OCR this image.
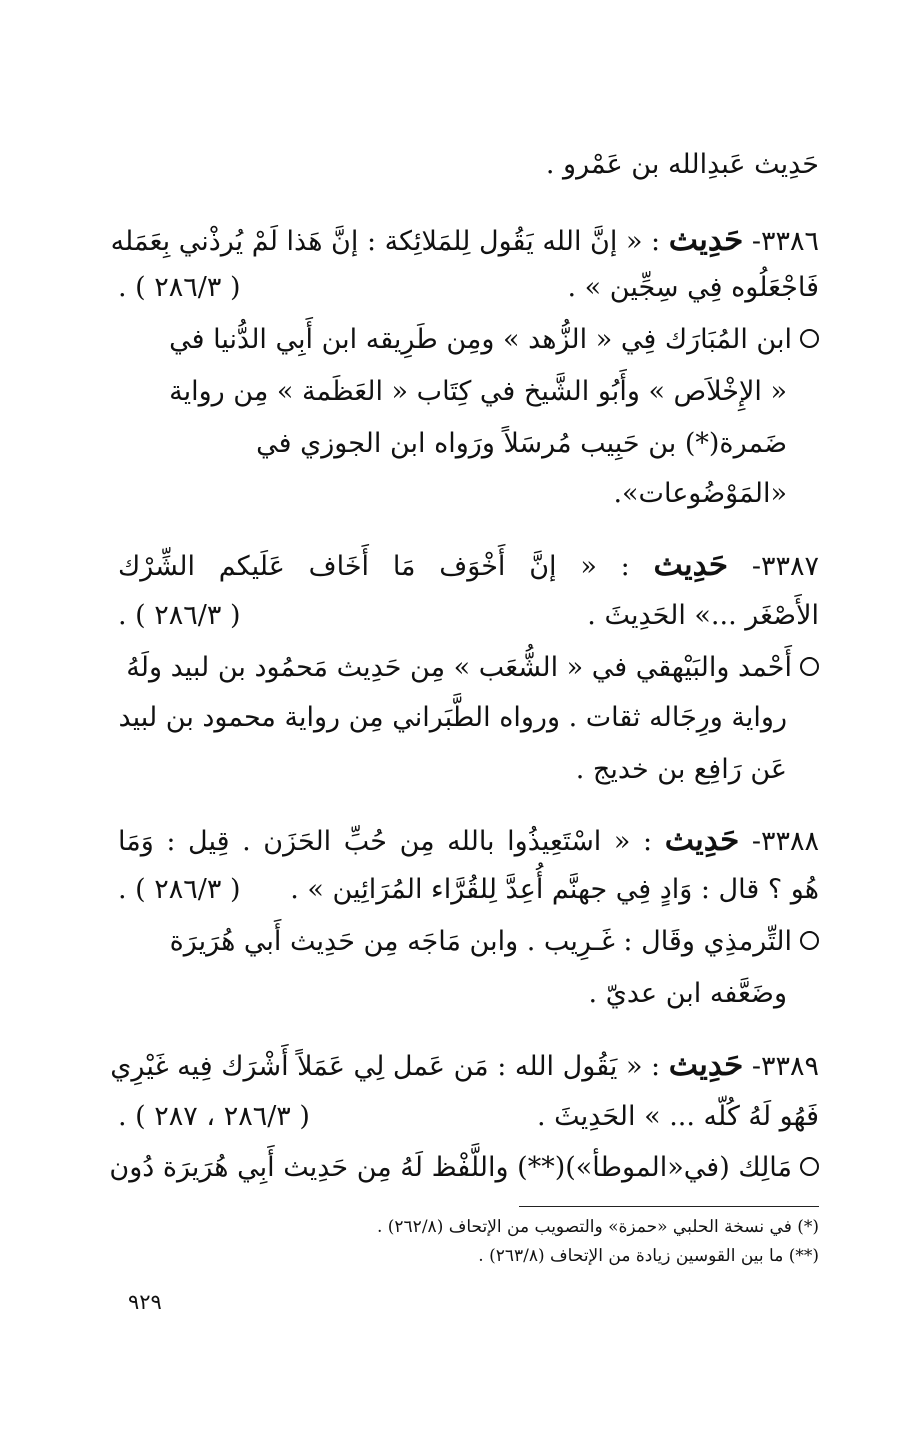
حَدِيث عَبدِالله بن عَمْرو .
٣٣٨٦- حَدِيث : « إنَّ الله يَقُول لِلمَلائِكة : إنَّ هَذا لَمْ يُرذْني بِعَمَله
فَاجْعَلُوه فِي سِجِّين » .
( ٢٨٦/٣ ) .
ابن المُبَارَك فِي « الزُّهد » ومِن طَرِيقه ابن أَبِي الدُّنيا في
« الإِخْلاَص » وأَبُو الشَّيخ في كِتَاب « العَظَمة » مِن رواية
ضَمرة(*) بن حَبِيب مُرسَلاً ورَواه ابن الجوزي في
«المَوْضُوعات».
٣٣٨٧- حَدِيث : « إنَّ أَخْوَف مَا أَخَاف عَلَيكم الشِّرْك
الأَصْغَر ...» الحَدِيثَ .
( ٢٨٦/٣ ) .
أَحْمد والبَيْهقي في « الشُّعَب » مِن حَدِيث مَحمُود بن لبيد ولَهُ
رواية ورِجَاله ثقات . ورواه الطَّبَراني مِن رواية محمود بن لبيد
عَن رَافِع بن خديج .
٣٣٨٨- حَدِيث : « اسْتَعِيذُوا بالله مِن حُبِّ الحَزَن . قِيل : وَمَا
هُو ؟ قال : وَادٍ فِي جهنَّم أُعِدَّ لِلقُرَّاء المُرَائِين » .
( ٢٨٦/٣ ) .
التِّرمذِي وقَال : غَـرِيب . وابن مَاجَه مِن حَدِيث أَبي هُرَيرَة
وضَعَّفه ابن عديّ .
٣٣٨٩- حَدِيث : « يَقُول الله : مَن عَمل لِي عَمَلاً أَشْرَك فِيه غَيْرِي
فَهُو لَهُ كُلّه ... » الحَدِيثَ .
( ٢٨٦/٣ ، ٢٨٧ ) .
مَالِك (في«الموطأ»)(**) واللَّفْظ لَهُ مِن حَدِيث أَبِي هُرَيرَة دُون
(*) في نسخة الحلبي «حمزة» والتصويب من الإتحاف (٢٦٢/٨) .
(**) ما بين القوسين زيادة من الإتحاف (٢٦٣/٨) .
٩٢٩
